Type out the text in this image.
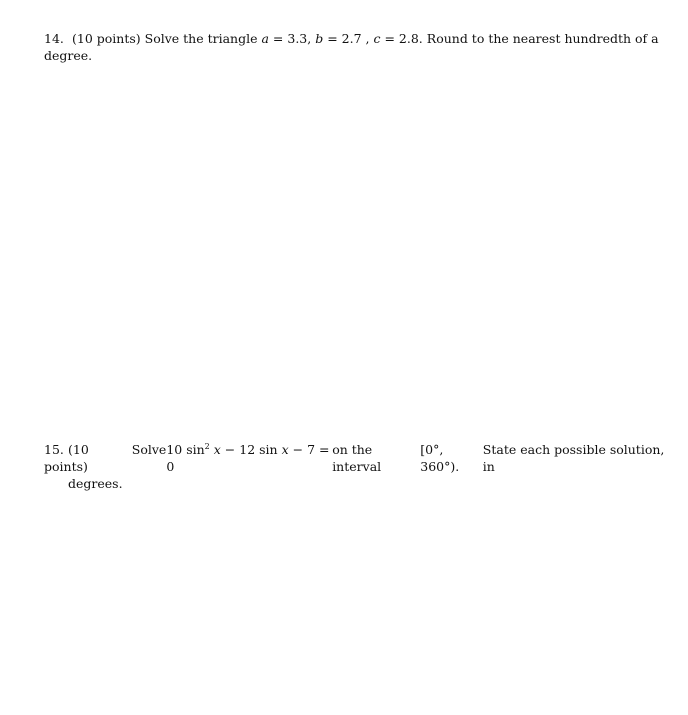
14. (10 points) Solve the triangle a = 3.3, b = 2.7 , c = 2.8. Round to the nearest hundredth of a degree.
15. (10 points)
Solve 10 $\sin^2 x - 12$ sin x − 7 = 0
on the interval
[0°, 360°).
State each possible solution, in
degrees.
